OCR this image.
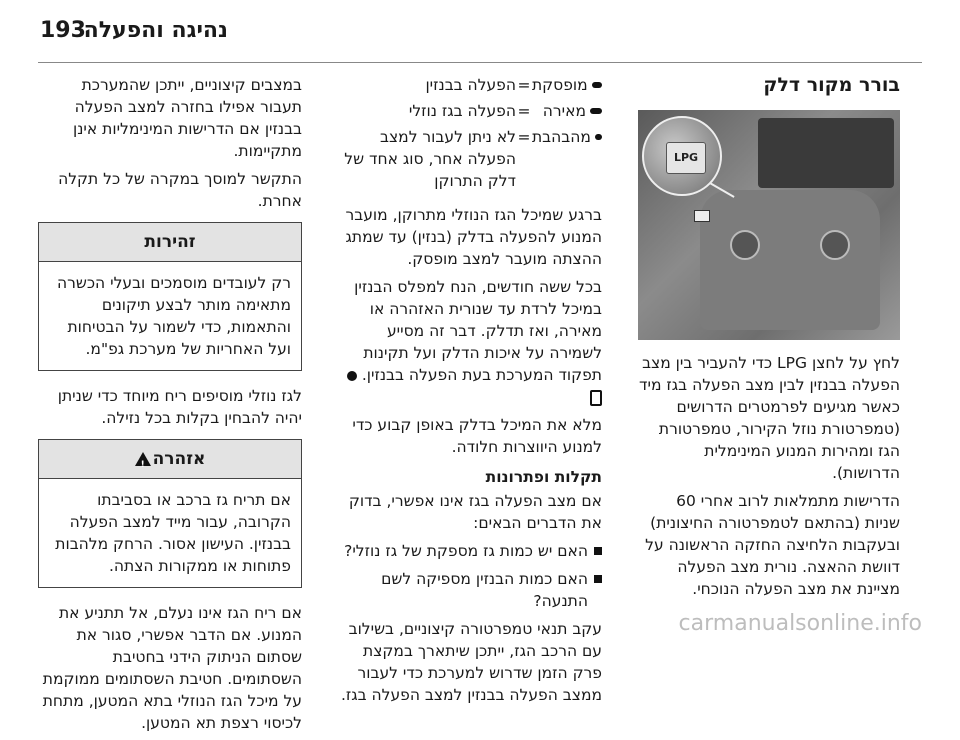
193
נהיגה והפעלה
בורר מקור דלק
LPG

לחץ על לחצן LPG כדי להעביר בין מצב הפעלה בבנזין לבין מצב הפעלה בגז מיד כאשר מגיעים לפרמטרים הדרושים (טמפרטורת נוזל הקירור, טמפרטורת הגז ומהירות המנוע המינימלית הדרושות).

הדרישות מתמלאות לרוב אחרי 60 שניות (בהתאם לטמפרטורה החיצונית) ובעקבות הלחיצה החזקה הראשונה על דוושת ההאצה. נורית מצב הפעלה מציינת את מצב הפעלה הנוכחי.

מופסקת
=
הפעלה בבנזין
מאירה
=
הפעלה בגז נוזלי
מהבהבת
=
לא ניתן לעבור למצב הפעלה אחר, סוג אחד של דלק התרוקן

ברגע שמיכל הגז הנוזלי מתרוקן, מועבר המנוע להפעלה בדלק (בנזין) עד שמתג ההצתה מועבר למצב מופסק.

בכל ששה חודשים, הנח למפלס הבנזין במיכל לרדת עד שנורית האזהרה או מאירה, ואז תדלק. דבר זה מסייע לשמירה על איכות הדלק ועל תקינות תפקוד המערכת בעת הפעלה בבנזין.

מלא את המיכל בדלק באופן קבוע כדי למנוע היווצרות חלודה.

תקלות ופתרונות

אם מצב הפעלה בגז אינו אפשרי, בדוק את הדברים הבאים:

האם יש כמות גז מספקת של גז נוזלי?
האם כמות הבנזין מספיקה לשם התנעה?

עקב תנאי טמפרטורה קיצוניים, בשילוב עם הרכב הגז, ייתכן שיתארך במקצת פרק הזמן שדרוש למערכת כדי לעבור ממצב הפעלה בבנזין למצב הפעלה בגז.

במצבים קיצוניים, ייתכן שהמערכת תעבור אפילו בחזרה למצב הפעלה בבנזין אם הדרישות המינימליות אינן מתקיימות.

התקשר למוסך במקרה של כל תקלה אחרת.

זהירות
רק לעובדים מוסמכים ובעלי הכשרה מתאימה מותר לבצע תיקונים והתאמות, כדי לשמור על הבטיחות ועל האחריות של מערכת גפ"מ.

לגז נוזלי מוסיפים ריח מיוחד כדי שניתן יהיה להבחין בקלות בכל נזילה.

אזהרה!
אם תריח גז ברכב או בסביבתו הקרובה, עבור מייד למצב הפעלה בבנזין. העישון אסור. הרחק מלהבות פתוחות או ממקורות הצתה.

אם ריח הגז אינו נעלם, אל תתניע את המנוע. אם הדבר אפשרי, סגור את שסתום הניתוק הידני בחטיבת השסתומים. חטיבת השסתומים ממוקמת על מיכל הגז הנוזלי בתא המטען, מתחת לכיסוי רצפת תא המטען.

carmanualsonline.info
